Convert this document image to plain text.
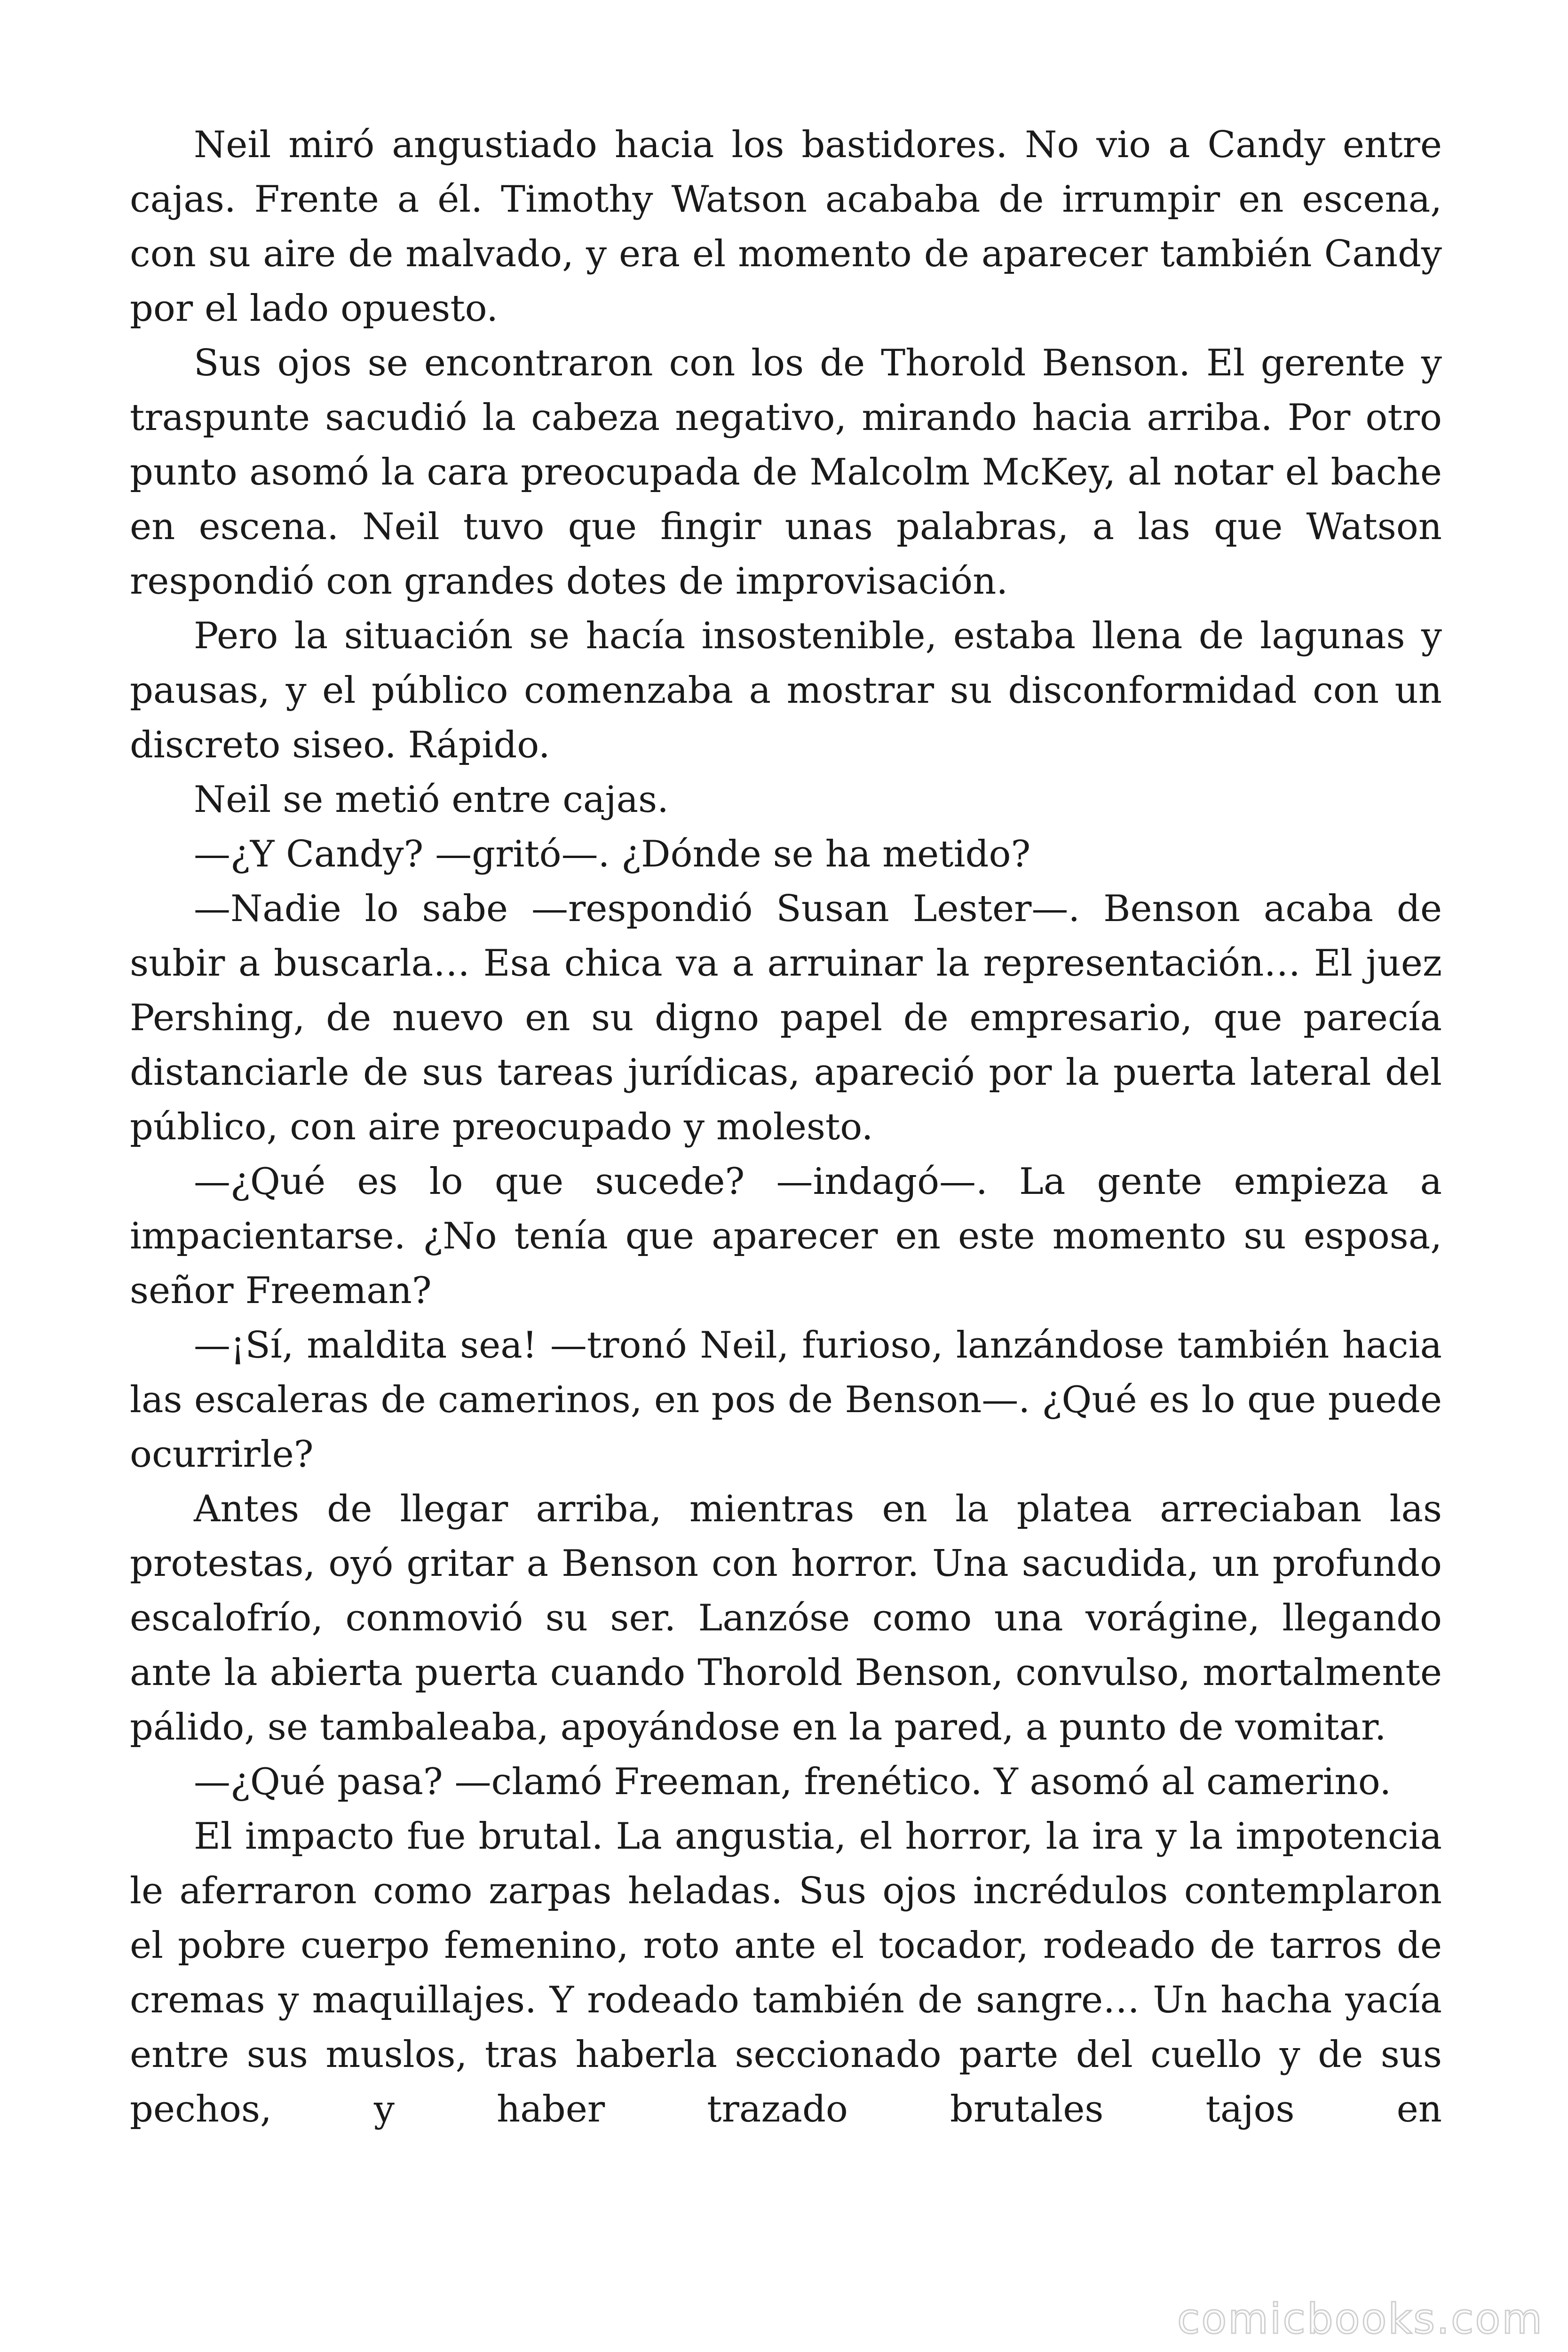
Neil miró angustiado hacia los bastidores. No vio a Candy entre cajas. Frente a él. Timothy Watson acababa de irrumpir en escena, con su aire de malvado, y era el momento de aparecer también Candy por el lado opuesto.

Sus ojos se encontraron con los de Thorold Benson. El gerente y traspunte sacudió la cabeza negativo, mirando hacia arriba. Por otro punto asomó la cara preocupada de Malcolm McKey, al notar el bache en escena. Neil tuvo que fingir unas palabras, a las que Watson respondió con grandes dotes de improvisación.

Pero la situación se hacía insostenible, estaba llena de lagunas y pausas, y el público comenzaba a mostrar su disconformidad con un discreto siseo. Rápido.

Neil se metió entre cajas.

—¿Y Candy? —gritó—. ¿Dónde se ha metido?

—Nadie lo sabe —respondió Susan Lester—. Benson acaba de subir a buscarla… Esa chica va a arruinar la representación… El juez Pershing, de nuevo en su digno papel de empresario, que parecía distanciarle de sus tareas jurídicas, apareció por la puerta lateral del público, con aire preocupado y molesto.

—¿Qué es lo que sucede? —indagó—. La gente empieza a impacientarse. ¿No tenía que aparecer en este momento su esposa, señor Freeman?

—¡Sí, maldita sea! —tronó Neil, furioso, lanzándose también hacia las escaleras de camerinos, en pos de Benson—. ¿Qué es lo que puede ocurrirle?

Antes de llegar arriba, mientras en la platea arreciaban las protestas, oyó gritar a Benson con horror. Una sacudida, un profundo escalofrío, conmovió su ser. Lanzóse como una vorágine, llegando ante la abierta puerta cuando Thorold Benson, convulso, mortalmente pálido, se tambaleaba, apoyándose en la pared, a punto de vomitar.

—¿Qué pasa? —clamó Freeman, frenético. Y asomó al camerino.

El impacto fue brutal. La angustia, el horror, la ira y la impotencia le aferraron como zarpas heladas. Sus ojos incrédulos contemplaron el pobre cuerpo femenino, roto ante el tocador, rodeado de tarros de cremas y maquillajes. Y rodeado también de sangre… Un hacha yacía entre sus muslos, tras haberla seccionado parte del cuello y de sus pechos, y haber trazado brutales tajos en

comicbooks.com
